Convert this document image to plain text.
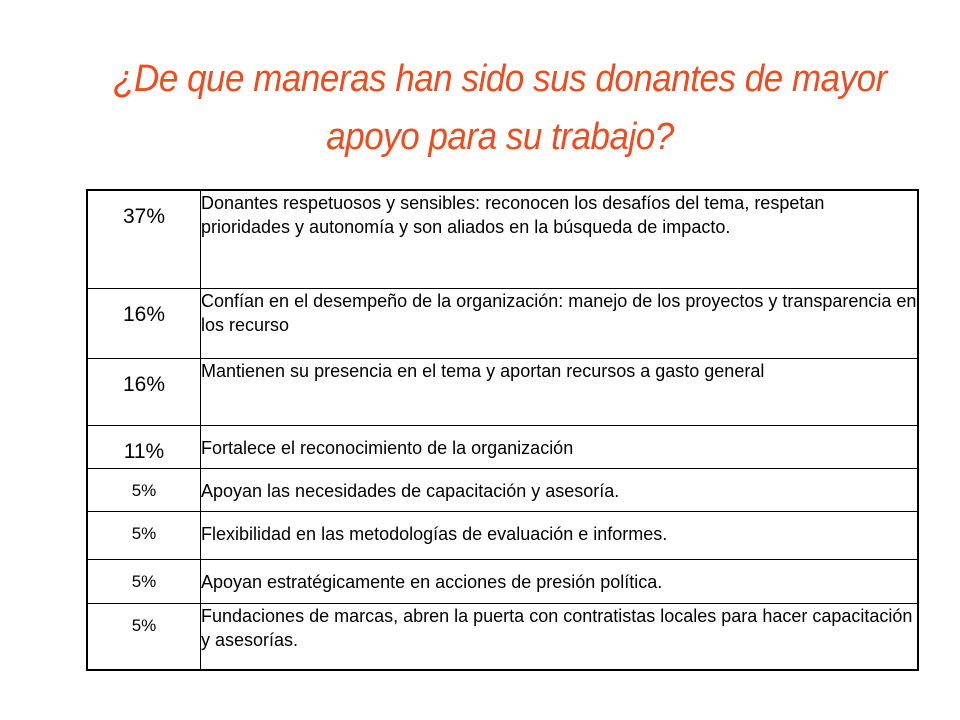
¿De que maneras han sido sus donantes de mayor apoyo para su trabajo?
37%	Donantes respetuosos y sensibles: reconocen los desafíos del tema, respetan prioridades y autonomía y son aliados en la búsqueda de impacto.
16%	Confían en el desempeño de la organización: manejo de los proyectos y transparencia en los recurso
16%	Mantienen su presencia en el tema y aportan recursos a gasto general
11%	Fortalece el reconocimiento de la organización
5%	Apoyan las necesidades de capacitación y asesoría.
5%	Flexibilidad en las metodologías de evaluación e informes.
5%	Apoyan estratégicamente en acciones de presión política.
5%	Fundaciones de marcas, abren la puerta con contratistas locales para hacer capacitación y asesorías.
